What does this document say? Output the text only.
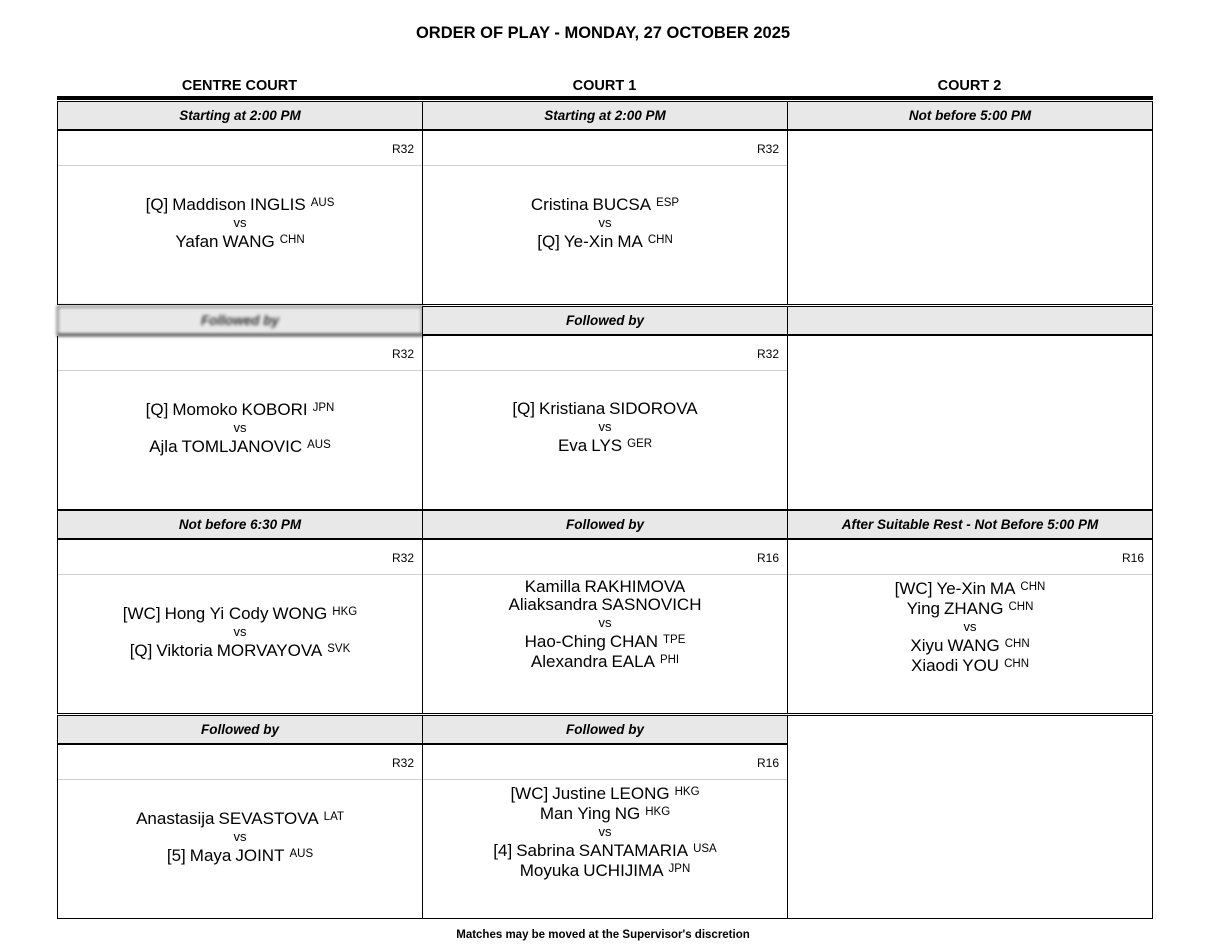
ORDER OF PLAY - MONDAY, 27 OCTOBER 2025
CENTRE COURT
Starting at 2:00 PM
R32
[Q] Maddison INGLIS $^{AUS}$
vs
Yafan WANG $^{CHN}$
Followed by
R32
[Q] Momoko KOBORI $^{JPN}$
vs
Ajla TOMLJANOVIC $^{AUS}$
Not before 6:30 PM
R32
[WC] Hong Yi Cody WONG $^{HKG}$
vs
[Q] Viktoria MORVAYOVA $^{SVK}$
Followed by
R32
Anastasija SEVASTOVA $^{LAT}$
vs
[5] Maya JOINT $^{AUS}$
COURT 1
Starting at 2:00 PM
R32
Cristina BUCSA $^{ESP}$
vs
[Q] Ye-Xin MA $^{CHN}$
Followed by
R32
[Q] Kristiana SIDOROVA
vs
Eva LYS $^{GER}$
Followed by
R16
Kamilla RAKHIMOVA
Aliaksandra SASNOVICH
vs
Hao-Ching CHAN $^{TPE}$
Alexandra EALA $^{PHI}$
Followed by
R16
[WC] Justine LEONG $^{HKG}$
Man Ying NG $^{HKG}$
vs
[4] Sabrina SANTAMARIA $^{USA}$
Moyuka UCHIJIMA $^{JPN}$
COURT 2
Not before 5:00 PM
After Suitable Rest - Not Before 5:00 PM
R16
[WC] Ye-Xin MA $^{CHN}$
Ying ZHANG $^{CHN}$
vs
Xiyu WANG $^{CHN}$
Xiaodi YOU $^{CHN}$
Matches may be moved at the Supervisor's discretion
